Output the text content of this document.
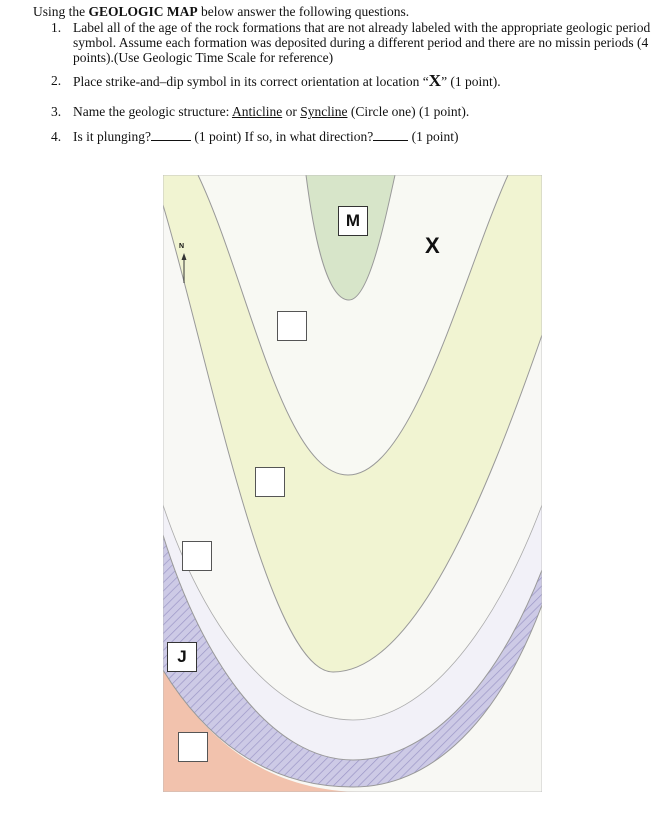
Using the GEOLOGIC MAP below answer the following questions.
1. Label all of the age of the rock formations that are not already labeled with the appropriate geologic period symbol. Assume each formation was deposited during a different period and there are no missin periods (4 points).(Use Geologic Time Scale for reference)
2. Place strike-and–dip symbol in its correct orientation at location “X” (1 point).
3. Name the geologic structure: Anticline or Syncline (Circle one) (1 point).
4. Is it plunging?	(1 point) If so, in what direction?	(1 point)
N
M
X
J
